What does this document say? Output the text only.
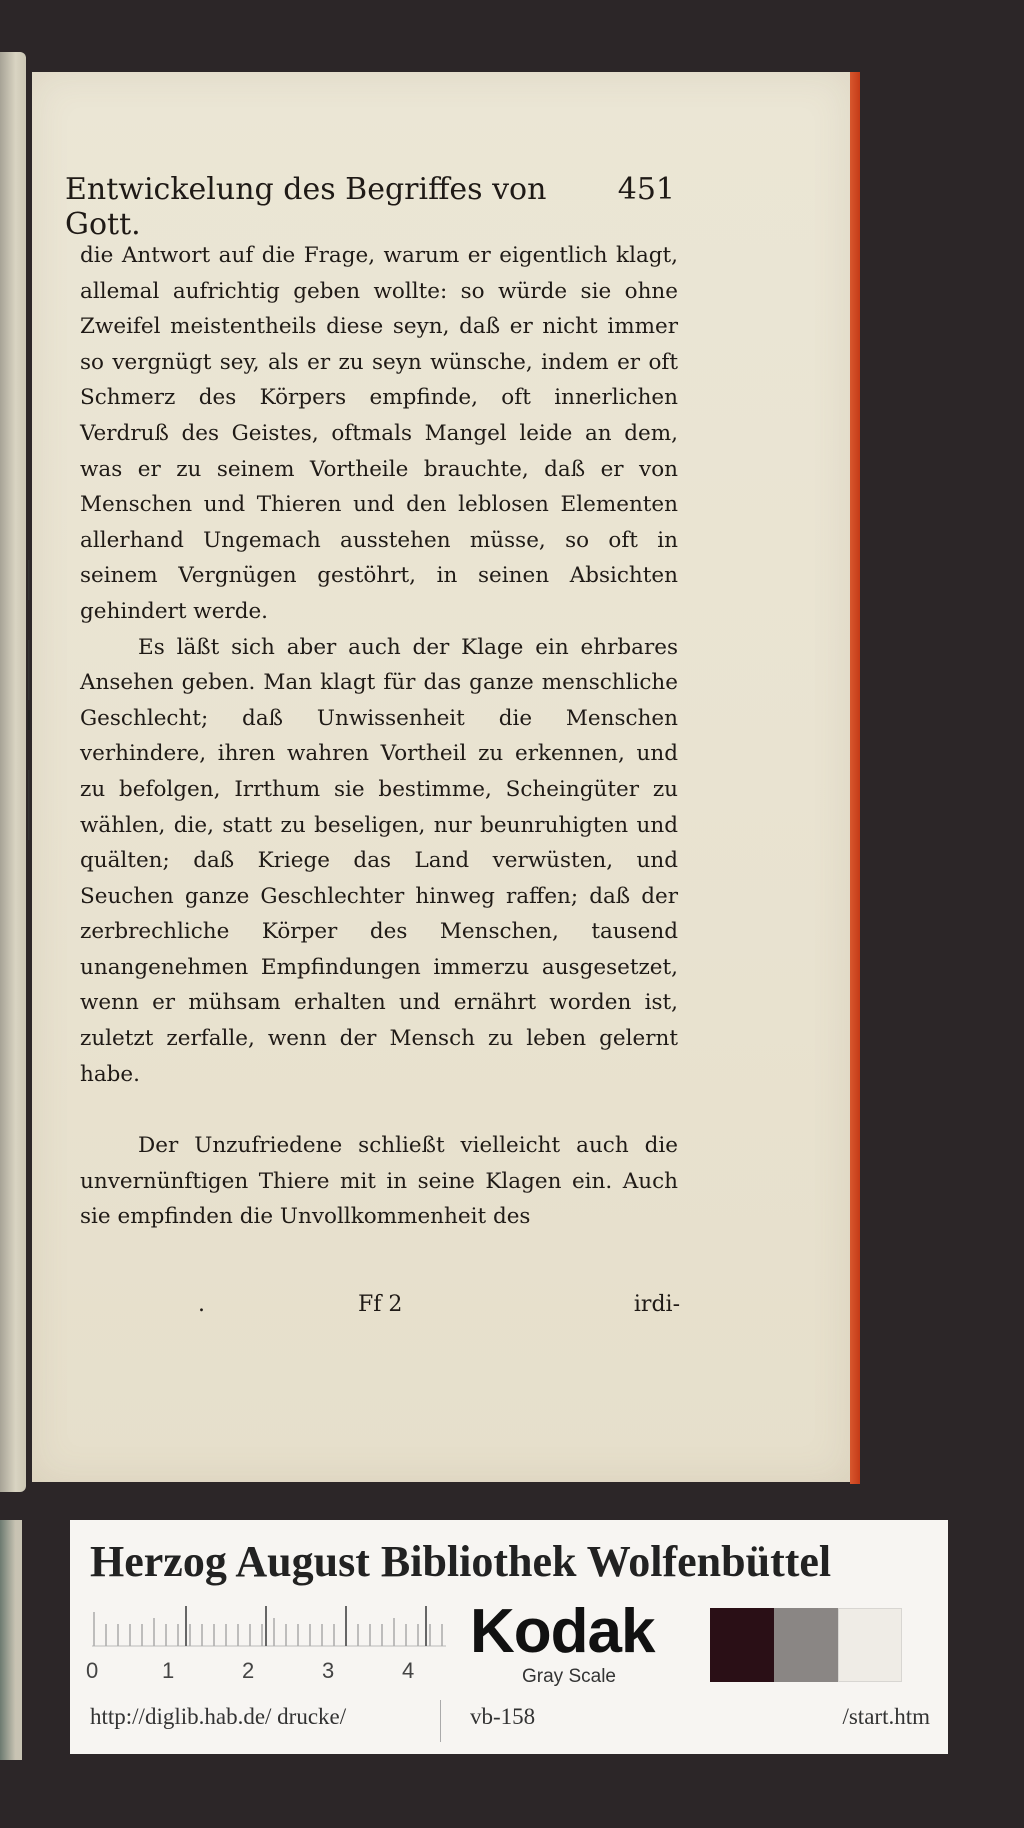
Entwickelung des Begriffes von Gott.
451

die Antwort auf die Frage, warum er eigentlich klagt, allemal aufrichtig geben wollte: so würde sie ohne Zweifel meistentheils diese seyn, daß er nicht immer so vergnügt sey, als er zu seyn wünsche, indem er oft Schmerz des Körpers empfinde, oft innerlichen Verdruß des Geistes, oftmals Mangel leide an dem, was er zu seinem Vortheile brauchte, daß er von Menschen und Thieren und den leblosen Elementen allerhand Ungemach ausstehen müsse, so oft in seinem Vergnügen gestöhrt, in seinen Absichten gehindert werde.

Es läßt sich aber auch der Klage ein ehrbares Ansehen geben. Man klagt für das ganze menschliche Geschlecht; daß Unwissenheit die Menschen verhindere, ihren wahren Vortheil zu erkennen, und zu befolgen, Irrthum sie bestimme, Scheingüter zu wählen, die, statt zu beseligen, nur beunruhigten und quälten; daß Kriege das Land verwüsten, und Seuchen ganze Geschlechter hinweg raffen; daß der zerbrechliche Körper des Menschen, tausend unangenehmen Empfindungen immerzu ausgesetzet, wenn er mühsam erhalten und ernährt worden ist, zuletzt zerfalle, wenn der Mensch zu leben gelernt habe.

Der Unzufriedene schließt vielleicht auch die unvernünftigen Thiere mit in seine Klagen ein. Auch sie empfinden die Unvollkommenheit des

.	Ff 2	irdi-
Herzog August Bibliothek Wolfenbüttel
0	1	2	3	4
Kodak
Gray Scale
http://diglib.hab.de/ drucke/	vb-158	/start.htm
